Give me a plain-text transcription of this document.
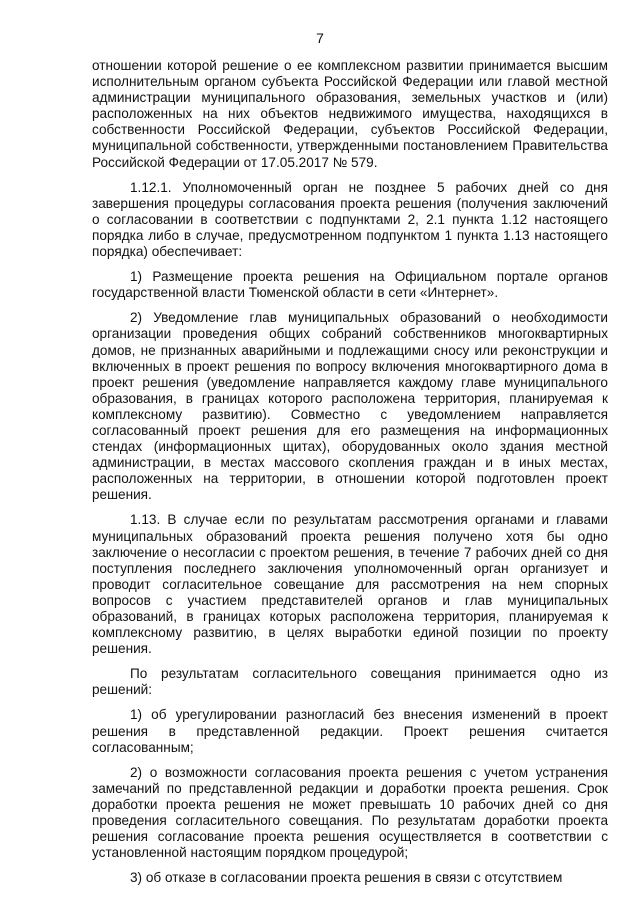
7

отношении которой решение о ее комплексном развитии принимается высшим исполнительным органом субъекта Российской Федерации или главой местной администрации муниципального образования, земельных участков и (или) расположенных на них объектов недвижимого имущества, находящихся в собственности Российской Федерации, субъектов Российской Федерации, муниципальной собственности, утвержденными постановлением Правительства Российской Федерации от 17.05.2017 № 579.

1.12.1. Уполномоченный орган не позднее 5 рабочих дней со дня завершения процедуры согласования проекта решения (получения заключений о согласовании в соответствии с подпунктами 2, 2.1 пункта 1.12 настоящего порядка либо в случае, предусмотренном подпунктом 1 пункта 1.13 настоящего порядка) обеспечивает:

1) Размещение проекта решения на Официальном портале органов государственной власти Тюменской области в сети «Интернет».

2) Уведомление глав муниципальных образований о необходимости организации проведения общих собраний собственников многоквартирных домов, не признанных аварийными и подлежащими сносу или реконструкции и включенных в проект решения по вопросу включения многоквартирного дома в проект решения (уведомление направляется каждому главе муниципального образования, в границах которого расположена территория, планируемая к комплексному развитию). Совместно с уведомлением направляется согласованный проект решения для его размещения на информационных стендах (информационных щитах), оборудованных около здания местной администрации, в местах массового скопления граждан и в иных местах, расположенных на территории, в отношении которой подготовлен проект решения.

1.13. В случае если по результатам рассмотрения органами и главами муниципальных образований проекта решения получено хотя бы одно заключение о несогласии с проектом решения, в течение 7 рабочих дней со дня поступления последнего заключения уполномоченный орган организует и проводит согласительное совещание для рассмотрения на нем спорных вопросов с участием представителей органов и глав муниципальных образований, в границах которых расположена территория, планируемая к комплексному развитию, в целях выработки единой позиции по проекту решения.

По результатам согласительного совещания принимается одно из решений:

1) об урегулировании разногласий без внесения изменений в проект решения в представленной редакции. Проект решения считается согласованным;

2) о возможности согласования проекта решения с учетом устранения замечаний по представленной редакции и доработки проекта решения. Срок доработки проекта решения не может превышать 10 рабочих дней со дня проведения согласительного совещания. По результатам доработки проекта решения согласование проекта решения осуществляется в соответствии с установленной настоящим порядком процедурой;

3) об отказе в согласовании проекта решения в связи с отсутствием
